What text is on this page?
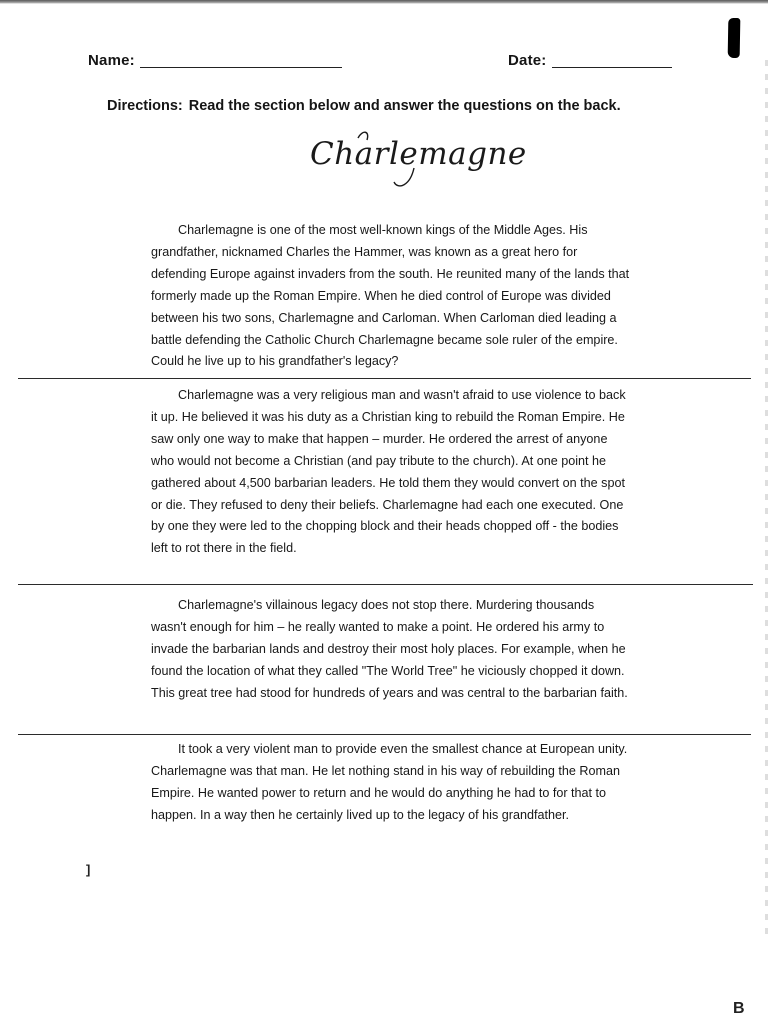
Name:	Date:
Directions: Read the section below and answer the questions on the back.
Charlemagne
Charlemagne is one of the most well-known kings of the Middle Ages. His grandfather, nicknamed Charles the Hammer, was known as a great hero for defending Europe against invaders from the south. He reunited many of the lands that formerly made up the Roman Empire. When he died control of Europe was divided between his two sons, Charlemagne and Carloman. When Carloman died leading a battle defending the Catholic Church Charlemagne became sole ruler of the empire. Could he live up to his grandfather's legacy?
Charlemagne was a very religious man and wasn't afraid to use violence to back it up. He believed it was his duty as a Christian king to rebuild the Roman Empire. He saw only one way to make that happen – murder. He ordered the arrest of anyone who would not become a Christian (and pay tribute to the church). At one point he gathered about 4,500 barbarian leaders. He told them they would convert on the spot or die. They refused to deny their beliefs. Charlemagne had each one executed. One by one they were led to the chopping block and their heads chopped off - the bodies left to rot there in the field.
Charlemagne's villainous legacy does not stop there. Murdering thousands wasn't enough for him – he really wanted to make a point. He ordered his army to invade the barbarian lands and destroy their most holy places. For example, when he found the location of what they called "The World Tree" he viciously chopped it down. This great tree had stood for hundreds of years and was central to the barbarian faith.
It took a very violent man to provide even the smallest chance at European unity. Charlemagne was that man. He let nothing stand in his way of rebuilding the Roman Empire. He wanted power to return and he would do anything he had to for that to happen. In a way then he certainly lived up to the legacy of his grandfather.
]
B
